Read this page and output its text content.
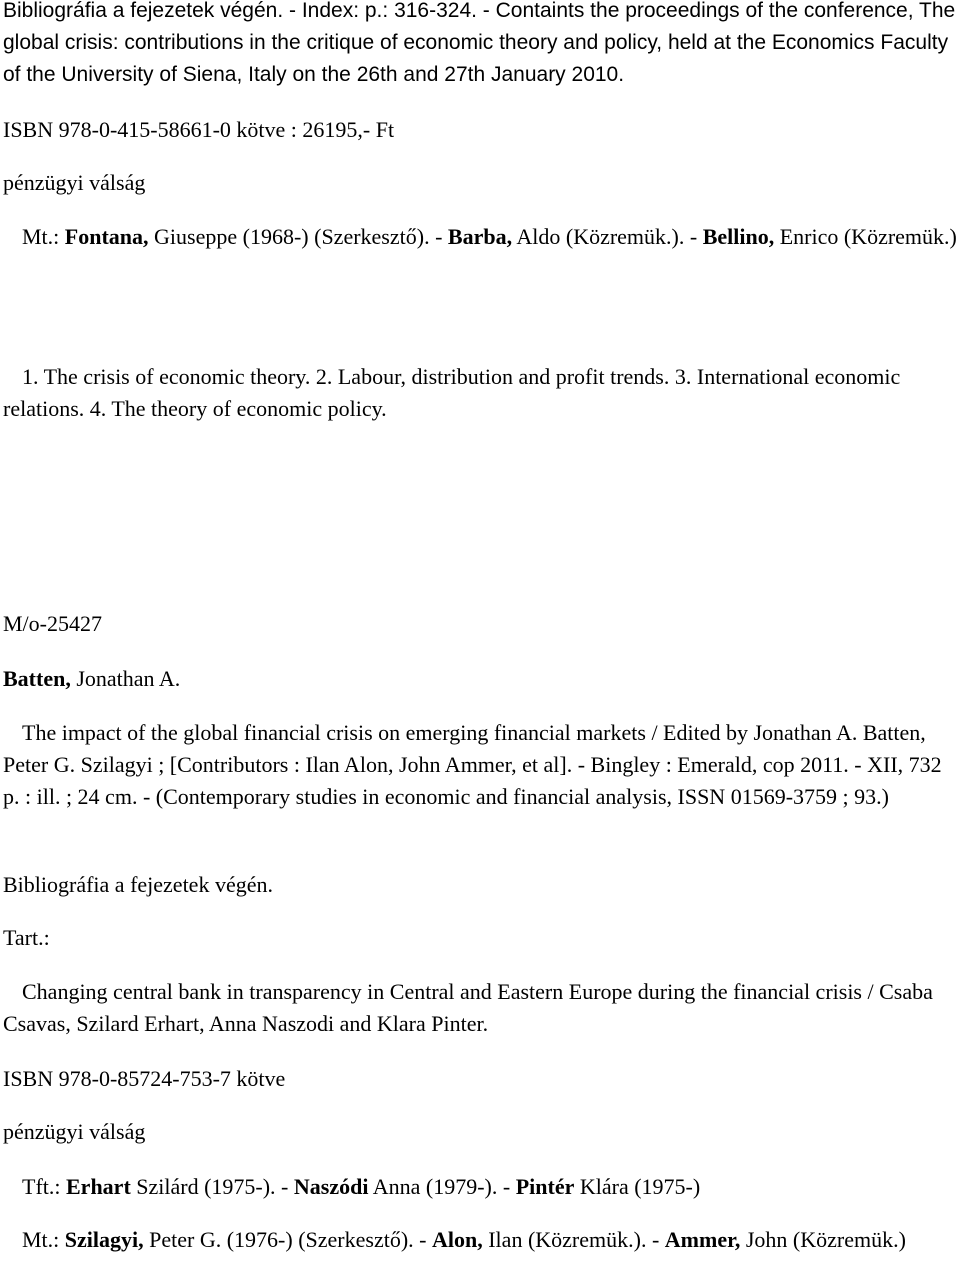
Bibliográfia a fejezetek végén. - Index: p.: 316-324. - Containts the proceedings of the conference, The global crisis: contributions in the critique of economic theory and policy, held at the Economics Faculty of the University of Siena, Italy on the 26th and 27th January 2010.

ISBN 978-0-415-58661-0 kötve : 26195,- Ft

pénzügyi válság

Mt.: Fontana, Giuseppe (1968-) (Szerkesztő). - Barba, Aldo (Közremük.). - Bellino, Enrico (Közremük.)

1. The crisis of economic theory. 2. Labour, distribution and profit trends. 3. International economic relations. 4. The theory of economic policy.

M/o-25427

Batten, Jonathan A.

The impact of the global financial crisis on emerging financial markets / Edited by Jonathan A. Batten, Peter G. Szilagyi ; [Contributors : Ilan Alon, John Ammer, et al]. - Bingley : Emerald, cop 2011. - XII, 732 p. : ill. ; 24 cm. - (Contemporary studies in economic and financial analysis, ISSN 01569-3759 ; 93.)

Bibliográfia a fejezetek végén.

Tart.:

Changing central bank in transparency in Central and Eastern Europe during the financial crisis / Csaba Csavas, Szilard Erhart, Anna Naszodi and Klara Pinter.

ISBN 978-0-85724-753-7 kötve

pénzügyi válság

Tft.: Erhart Szilárd (1975-). - Naszódi Anna (1979-). - Pintér Klára (1975-)

Mt.: Szilagyi, Peter G. (1976-) (Szerkesztő). - Alon, Ilan (Közremük.). - Ammer, John (Közremük.)
